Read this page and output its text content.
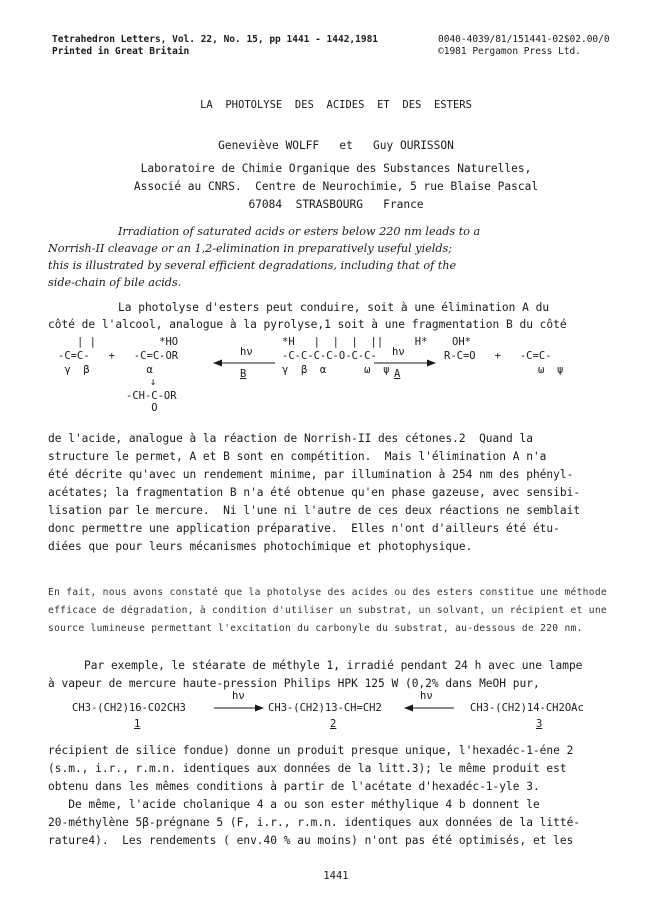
Tetrahedron Letters, Vol. 22, No. 15, pp 1441 - 1442,1981
Printed in Great Britain
0040-4039/81/151441-02$02.00/0
©1981 Pergamon Press Ltd.
LA  PHOTOLYSE  DES  ACIDES  ET  DES  ESTERS
Geneviève WOLFF   et   Guy OURISSON
Laboratoire de Chimie Organique des Substances Naturelles,
Associé au CNRS.  Centre de Neurochimie, 5 rue Blaise Pascal
67084  STRASBOURG   France
Irradiation of saturated acids or esters below 220 nm leads to a
Norrish-II cleavage or an 1,2-elimination in preparatively useful yields;
this is illustrated by several efficient degradations, including that of the
side-chain of bile acids.
La photolyse d'esters peut conduire, soit à une élimination A du
côté de l'alcool, analogue à la pyrolyse,1 soit à une fragmentation B du côté
| |          *HO
-C=C-   +   -C=C-OR
γ  β         α
↓
-CH-C-OR
O
hν
B
*H   |  |  |  ||     H*
-C-C-C-C-O-C-C-
γ  β  α      ω  ψ
hν
A
OH*
R-C=O   +   -C=C-
ω  ψ
de l'acide, analogue à la réaction de Norrish-II des cétones.2  Quand la
structure le permet, A et B sont en compétition.  Mais l'élimination A n'a
été décrite qu'avec un rendement minime, par illumination à 254 nm des phényl-
acétates; la fragmentation B n'a été obtenue qu'en phase gazeuse, avec sensibi-
lisation par le mercure.  Ni l'une ni l'autre de ces deux réactions ne semblait
donc permettre une application préparative.  Elles n'ont d'ailleurs été étu-
diées que pour leurs mécanismes photochimique et photophysique.
En fait, nous avons constaté que la photolyse des acides ou des esters constitue une méthode
efficace de dégradation, à condition d'utiliser un substrat, un solvant, un récipient et une
source lumineuse permettant l'excitation du carbonyle du substrat, au-dessous de 220 nm.
Par exemple, le stéarate de méthyle 1, irradié pendant 24 h avec une lampe
à vapeur de mercure haute-pression Philips HPK 125 W (0,2% dans MeOH pur,
CH3-(CH2)16-CO2CH3
1
hν
CH3-(CH2)13-CH=CH2
2
hν
CH3-(CH2)14-CH2OAc
3
récipient de silice fondue) donne un produit presque unique, l'hexadéc-1-éne 2
(s.m., i.r., r.m.n. identiques aux données de la litt.3); le même produit est
obtenu dans les mêmes conditions à partir de l'acétate d'hexadéc-1-yle 3.
De même, l'acide cholanique 4 a ou son ester méthylique 4 b donnent le
20-méthylène 5β-prégnane 5 (F, i.r., r.m.n. identiques aux données de la litté-
rature4).  Les rendements ( env.40 % au moins) n'ont pas été optimisés, et les
1441
